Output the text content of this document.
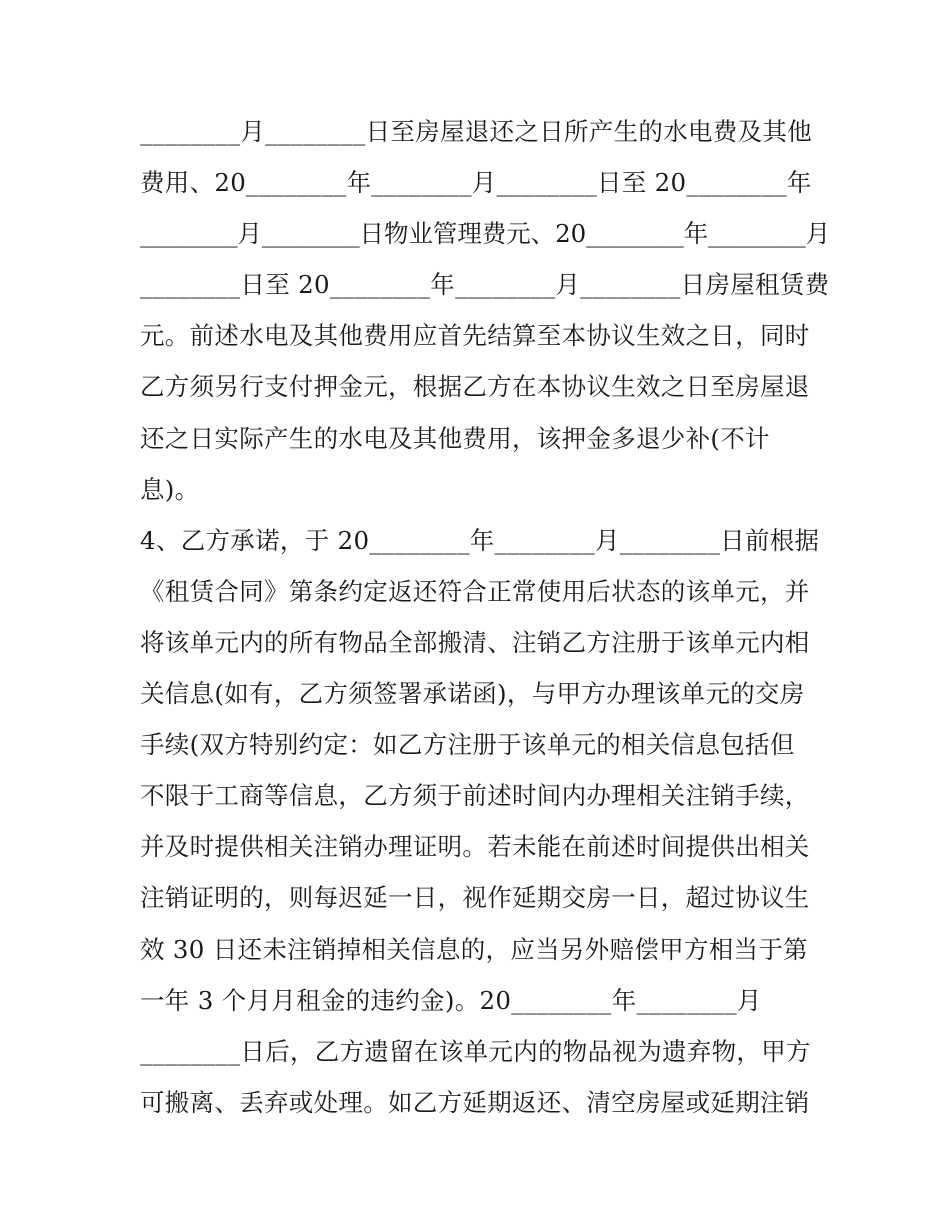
________月________日至房屋退还之日所产生的水电费及其他
费用、20________年________月________日至 20________年
________月________日物业管理费元、20________年________月
________日至 20________年________月________日房屋租赁费
元。前述水电及其他费用应首先结算至本协议生效之日，同时
乙方须另行支付押金元，根据乙方在本协议生效之日至房屋退
还之日实际产生的水电及其他费用，该押金多退少补(不计
息)。
4、乙方承诺，于 20________年________月________日前根据
《租赁合同》第条约定返还符合正常使用后状态的该单元，并
将该单元内的所有物品全部搬清、注销乙方注册于该单元内相
关信息(如有，乙方须签署承诺函)，与甲方办理该单元的交房
手续(双方特别约定：如乙方注册于该单元的相关信息包括但
不限于工商等信息，乙方须于前述时间内办理相关注销手续，
并及时提供相关注销办理证明。若未能在前述时间提供出相关
注销证明的，则每迟延一日，视作延期交房一日，超过协议生
效 30 日还未注销掉相关信息的，应当另外赔偿甲方相当于第
一年 3 个月月租金的违约金)。20________年________月
________日后，乙方遗留在该单元内的物品视为遗弃物，甲方
可搬离、丢弃或处理。如乙方延期返还、清空房屋或延期注销
